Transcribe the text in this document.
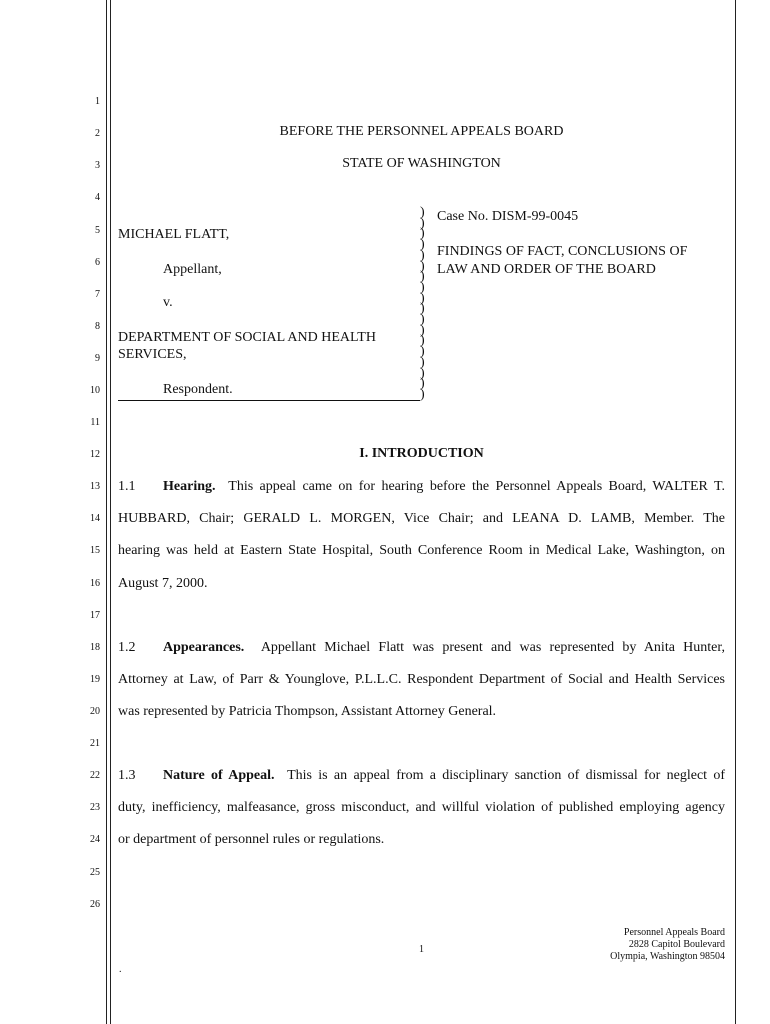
1
2
3
4
5
6
7
8
9
10
11
12
13
14
15
16
17
18
19
20
21
22
23
24
25
26
BEFORE THE PERSONNEL APPEALS BOARD
STATE OF WASHINGTON
MICHAEL FLATT,
Appellant,
v.
DEPARTMENT OF SOCIAL AND HEALTH
SERVICES,
Respondent.
)
)
)
)
)
)
)
)
)
)
)
)
)
)
)
)
)
)
Case No. DISM-99-0045
FINDINGS OF FACT, CONCLUSIONS OF
LAW AND ORDER OF THE BOARD
I. INTRODUCTION
1.1 Hearing. This appeal came on for hearing before the Personnel Appeals Board, WALTER T.
HUBBARD, Chair; GERALD L. MORGEN, Vice Chair; and LEANA D. LAMB, Member. The
hearing was held at Eastern State Hospital, South Conference Room in Medical Lake, Washington, on
August 7, 2000.
1.2 Appearances. Appellant Michael Flatt was present and was represented by Anita Hunter,
Attorney at Law, of Parr & Younglove, P.L.L.C. Respondent Department of Social and Health Services
was represented by Patricia Thompson, Assistant Attorney General.
1.3 Nature of Appeal. This is an appeal from a disciplinary sanction of dismissal for neglect of
duty, inefficiency, malfeasance, gross misconduct, and willful violation of published employing agency
or department of personnel rules or regulations.
1
Personnel Appeals Board
2828 Capitol Boulevard
Olympia, Washington 98504
.
